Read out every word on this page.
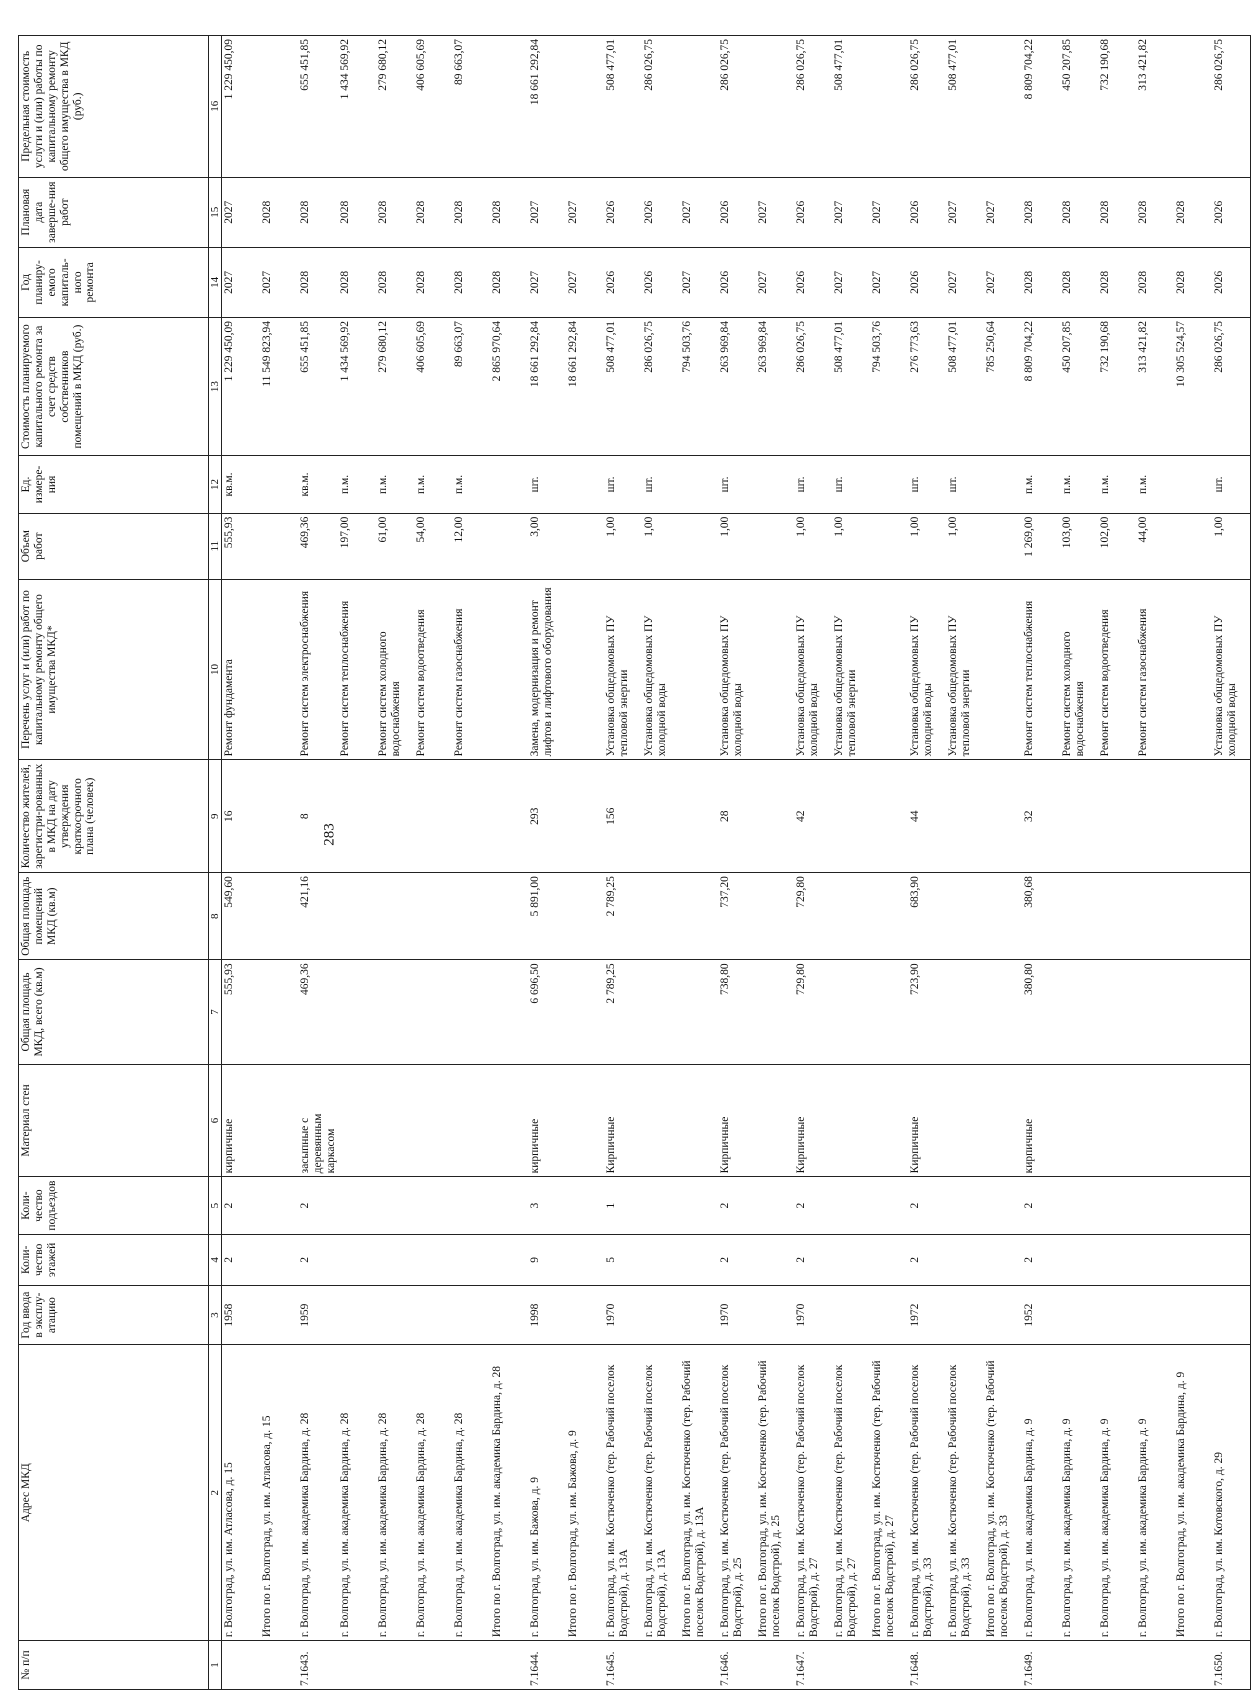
283
№ п/п	Адрес МКД	Год ввода в эксплу-атацию	Коли-чество этажей	Коли-чество подъездов	Материал стен	Общая площадь МКД, всего (кв.м)	Общая площадь помещений МКД (кв.м)	Количество жителей, зарегистри-рованных в МКД на дату утверждения краткосрочного плана (человек)	Перечень услуг и (или) работ по капитальному ремонту общего имущества МКД*	Объем работ	Ед. измере-ния	Стоимость планируемого капитального ремонта за счет средств собственников помещений в МКД (руб.)	Год планиру-емого капиталь-ного ремонта	Плановая дата заверше-ния работ	Предельная стоимость услуги и (или) работы по капитальному ремонту общего имущества в МКД (руб.)
1	2	3	4	5	6	7	8	9	10	11	12	13	14	15	16
	г. Волгоград, ул. им. Атласова, д. 15	1958	2	2	кирпичные	555,93	549,60	16	Ремонт фундамента	555,93	кв.м.	1 229 450,09	2027	2027	1 229 450,09
	Итого по г. Волгоград, ул. им. Атласова, д. 15											11 549 823,94	2027	2028	
7.1643.	г. Волгоград, ул. им. академика Бардина, д. 28	1959	2	2	засыпные с деревянным каркасом	469,36	421,16	8	Ремонт систем электроснабжения	469,36	кв.м.	655 451,85	2028	2028	655 451,85
	г. Волгоград, ул. им. академика Бардина, д. 28								Ремонт систем теплоснабжения	197,00	п.м.	1 434 569,92	2028	2028	1 434 569,92
	г. Волгоград, ул. им. академика Бардина, д. 28								Ремонт систем холодного водоснабжения	61,00	п.м.	279 680,12	2028	2028	279 680,12
	г. Волгоград, ул. им. академика Бардина, д. 28								Ремонт систем водоотведения	54,00	п.м.	406 605,69	2028	2028	406 605,69
	г. Волгоград, ул. им. академика Бардина, д. 28								Ремонт систем газоснабжения	12,00	п.м.	89 663,07	2028	2028	89 663,07
	Итого по г. Волгоград, ул. им. академика Бардина, д. 28											2 865 970,64	2028	2028	
7.1644.	г. Волгоград, ул. им. Бажова, д. 9	1998	9	3	кирпичные	6 696,50	5 891,00	293	Замена, модернизация и ремонт лифтов и лифтового оборудования	3,00	шт.	18 661 292,84	2027	2027	18 661 292,84
	Итого по г. Волгоград, ул. им. Бажова, д. 9											18 661 292,84	2027	2027	
7.1645.	г. Волгоград, ул. им. Костюченко (тер. Рабочий поселок Водстрой), д. 13А	1970	5	1	Кирпичные	2 789,25	2 789,25	156	Установка общедомовых ПУ тепловой энергии	1,00	шт.	508 477,01	2026	2026	508 477,01
	г. Волгоград, ул. им. Костюченко (тер. Рабочий поселок Водстрой), д. 13А								Установка общедомовых ПУ холодной воды	1,00	шт.	286 026,75	2026	2026	286 026,75
	Итого по г. Волгоград, ул. им. Костюченко (тер. Рабочий поселок Водстрой), д. 13А											794 503,76	2027	2027	
7.1646.	г. Волгоград, ул. им. Костюченко (тер. Рабочий поселок Водстрой), д. 25	1970	2	2	Кирпичные	738,80	737,20	28	Установка общедомовых ПУ холодной воды	1,00	шт.	263 969,84	2026	2026	286 026,75
	Итого по г. Волгоград, ул. им. Костюченко (тер. Рабочий поселок Водстрой), д. 25											263 969,84	2027	2027	
7.1647.	г. Волгоград, ул. им. Костюченко (тер. Рабочий поселок Водстрой), д. 27	1970	2	2	Кирпичные	729,80	729,80	42	Установка общедомовых ПУ холодной воды	1,00	шт.	286 026,75	2026	2026	286 026,75
	г. Волгоград, ул. им. Костюченко (тер. Рабочий поселок Водстрой), д. 27								Установка общедомовых ПУ тепловой энергии	1,00	шт.	508 477,01	2027	2027	508 477,01
	Итого по г. Волгоград, ул. им. Костюченко (тер. Рабочий поселок Водстрой), д. 27											794 503,76	2027	2027	
7.1648.	г. Волгоград, ул. им. Костюченко (тер. Рабочий поселок Водстрой), д. 33	1972	2	2	Кирпичные	723,90	683,90	44	Установка общедомовых ПУ холодной воды	1,00	шт.	276 773,63	2026	2026	286 026,75
	г. Волгоград, ул. им. Костюченко (тер. Рабочий поселок Водстрой), д. 33								Установка общедомовых ПУ тепловой энергии	1,00	шт.	508 477,01	2027	2027	508 477,01
	Итого по г. Волгоград, ул. им. Костюченко (тер. Рабочий поселок Водстрой), д. 33											785 250,64	2027	2027	
7.1649.	г. Волгоград, ул. им. академика Бардина, д. 9	1952	2	2	кирпичные	380,80	380,68	32	Ремонт систем теплоснабжения	1 269,00	п.м.	8 809 704,22	2028	2028	8 809 704,22
	г. Волгоград, ул. им. академика Бардина, д. 9								Ремонт систем холодного водоснабжения	103,00	п.м.	450 207,85	2028	2028	450 207,85
	г. Волгоград, ул. им. академика Бардина, д. 9								Ремонт систем водоотведения	102,00	п.м.	732 190,68	2028	2028	732 190,68
	г. Волгоград, ул. им. академика Бардина, д. 9								Ремонт систем газоснабжения	44,00	п.м.	313 421,82	2028	2028	313 421,82
	Итого по г. Волгоград, ул. им. академика Бардина, д. 9											10 305 524,57	2028	2028	
7.1650.	г. Волгоград, ул. им. Котовского, д. 29								Установка общедомовых ПУ холодной воды	1,00	шт.	286 026,75	2026	2026	286 026,75
